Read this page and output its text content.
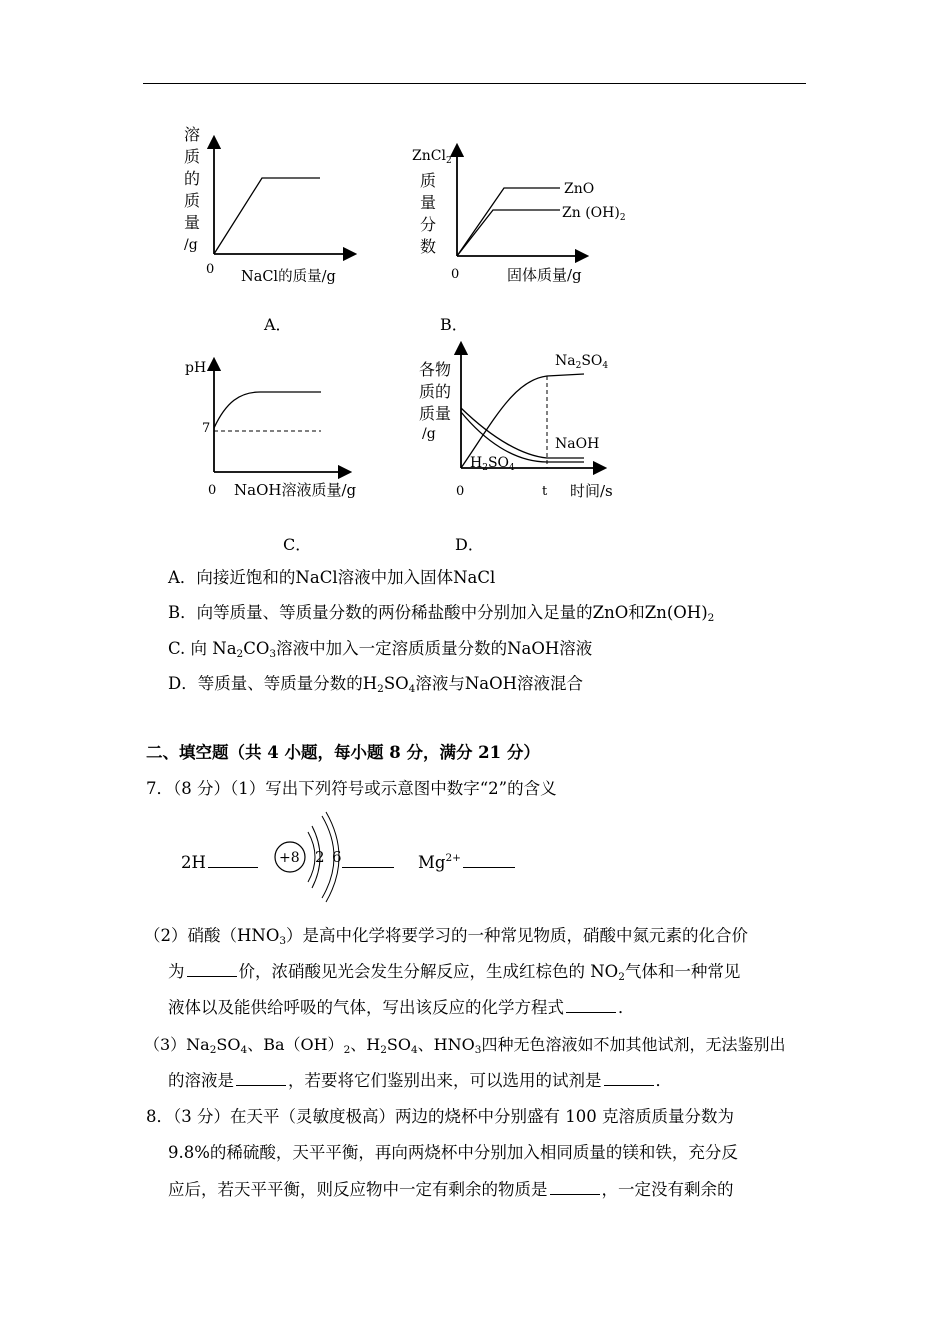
溶
质
的
质
量
/g
0 NaCl的质量/g
A．
ZnCl$_2$
质
量
分
数
ZnO
Zn $(OH)_2$
0	固体质量/g
B．
pH
7
0 NaOH溶液质量/g
C．
各物
质的
质量
/g
$Na_2SO_4$
NaOH
$H_2SO_4$
0	t 时间/s
D．
A．向接近饱和的NaCl溶液中加入固体NaCl
B．向等质量、等质量分数的两份稀盐酸中分别加入足量的ZnO和$Zn(OH)_2$
C. 向 $Na_2CO_3$溶液中加入一定溶质质量分数的NaOH溶液
D．等质量、等质量分数的$H_2SO_4$溶液与NaOH溶液混合
二、填空题（共 4 小题，每小题 8 分，满分 21 分）
7．（8 分）（1）写出下列符号或示意图中数字“2”的含义
2H	+8 2 6	$Mg^{2+}$
（2）硝酸$(HNO_3)$是高中化学将要学习的一种常见物质，硝酸中氮元素的化合价
为	价，浓硝酸见光会发生分解反应，生成红棕色的 $NO_2$气体和一种常见
液体以及能供给呼吸的气体，写出该反应的化学方程式	．
$(3)Na_2SO_4$、$Ba(OH)_2$、$H_2SO_4$、$HNO_3$四种无色溶液如不加其他试剂，无法鉴别出
的溶液是	，若要将它们鉴别出来，可以选用的试剂是	．
8．（3 分）在天平（灵敏度极高）两边的烧杯中分别盛有 100 克溶质质量分数为
9.8%的稀硫酸，天平平衡，再向两烧杯中分别加入相同质量的镁和铁，充分反
应后，若天平平衡，则反应物中一定有剩余的物质是	，一定没有剩余的
